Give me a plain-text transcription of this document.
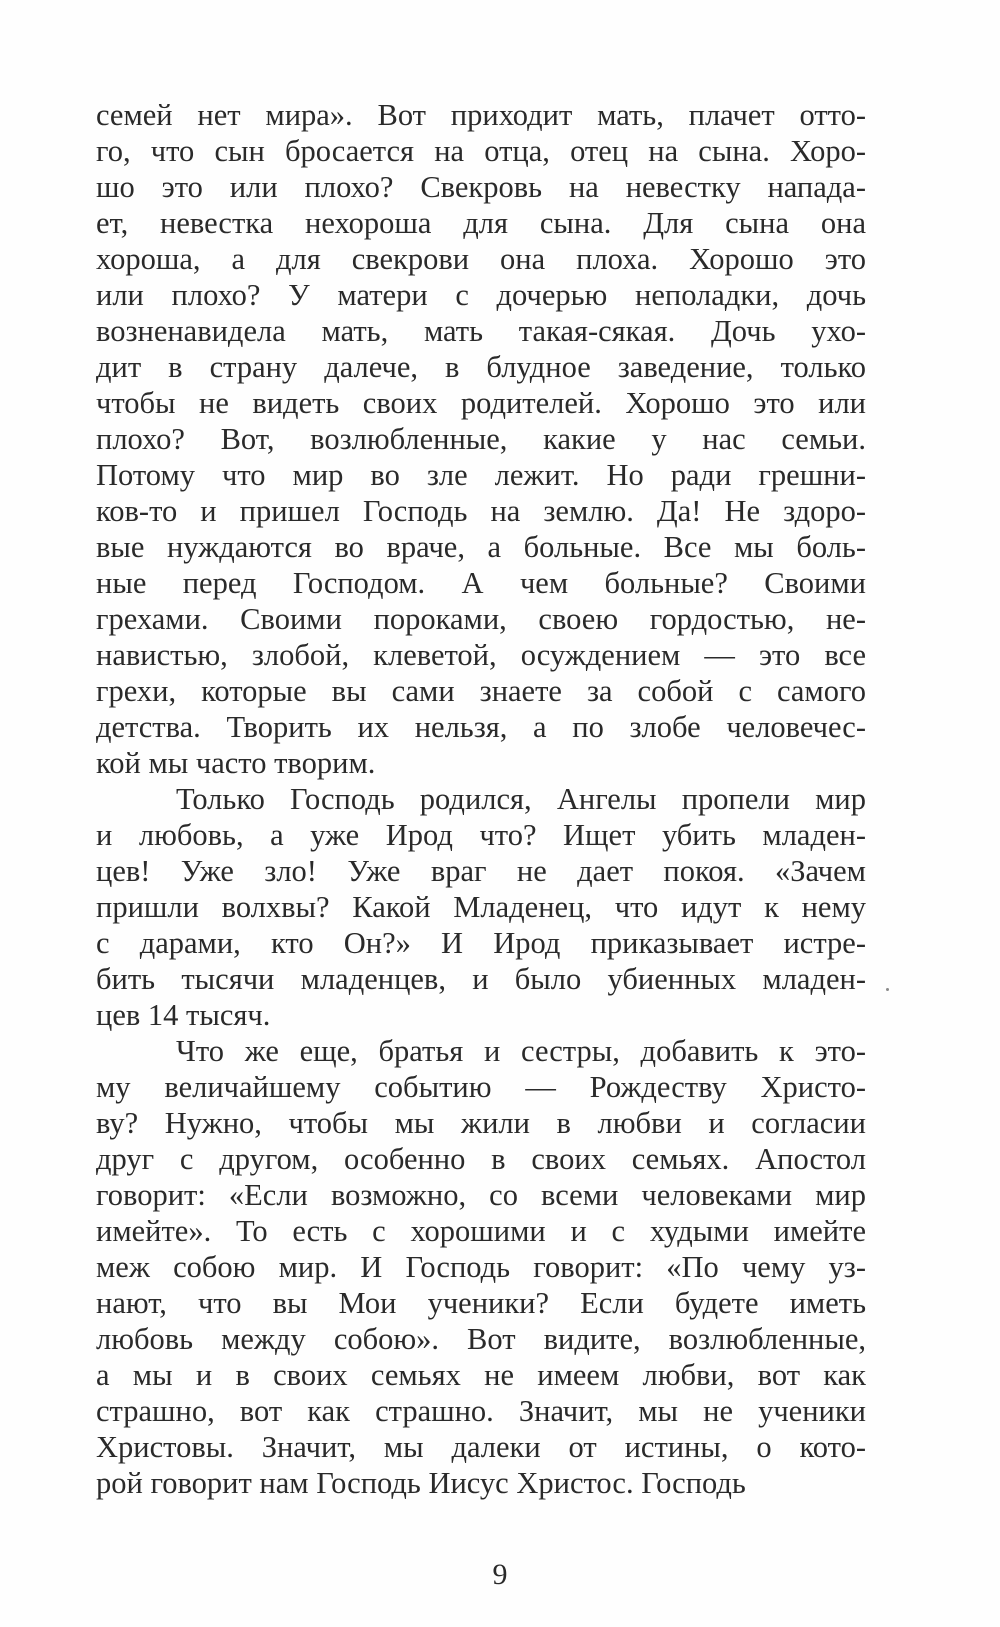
семей нет мира». Вот приходит мать, плачет отто-
го, что сын бросается на отца, отец на сына. Хоро-
шо это или плохо? Свекровь на невестку напада-
ет, невестка нехороша для сына. Для сына она
хороша, а для свекрови она плоха. Хорошо это
или плохо? У матери с дочерью неполадки, дочь
возненавидела мать, мать такая-сякая. Дочь ухо-
дит в страну далече, в блудное заведение, только
чтобы не видеть своих родителей. Хорошо это или
плохо? Вот, возлюбленные, какие у нас семьи.
Потому что мир во зле лежит. Но ради грешни-
ков-то и пришел Господь на землю. Да! Не здоро-
вые нуждаются во враче, а больные. Все мы боль-
ные перед Господом. А чем больные? Своими
грехами. Своими пороками, своею гордостью, не-
навистью, злобой, клеветой, осуждением — это все
грехи, которые вы сами знаете за собой с самого
детства. Творить их нельзя, а по злобе человечес-
кой мы часто творим.
Только Господь родился, Ангелы пропели мир
и любовь, а уже Ирод что? Ищет убить младен-
цев! Уже зло! Уже враг не дает покоя. «Зачем
пришли волхвы? Какой Младенец, что идут к нему
с дарами, кто Он?» И Ирод приказывает истре-
бить тысячи младенцев, и было убиенных младен-
цев 14 тысяч.
Что же еще, братья и сестры, добавить к это-
му величайшему событию — Рождеству Христо-
ву? Нужно, чтобы мы жили в любви и согласии
друг с другом, особенно в своих семьях. Апостол
говорит: «Если возможно, со всеми человеками мир
имейте». То есть с хорошими и с худыми имейте
меж собою мир. И Господь говорит: «По чему уз-
нают, что вы Мои ученики? Если будете иметь
любовь между собою». Вот видите, возлюбленные,
а мы и в своих семьях не имеем любви, вот как
страшно, вот как страшно. Значит, мы не ученики
Христовы. Значит, мы далеки от истины, о кото-
рой говорит нам Господь Иисус Христос. Господь
9
